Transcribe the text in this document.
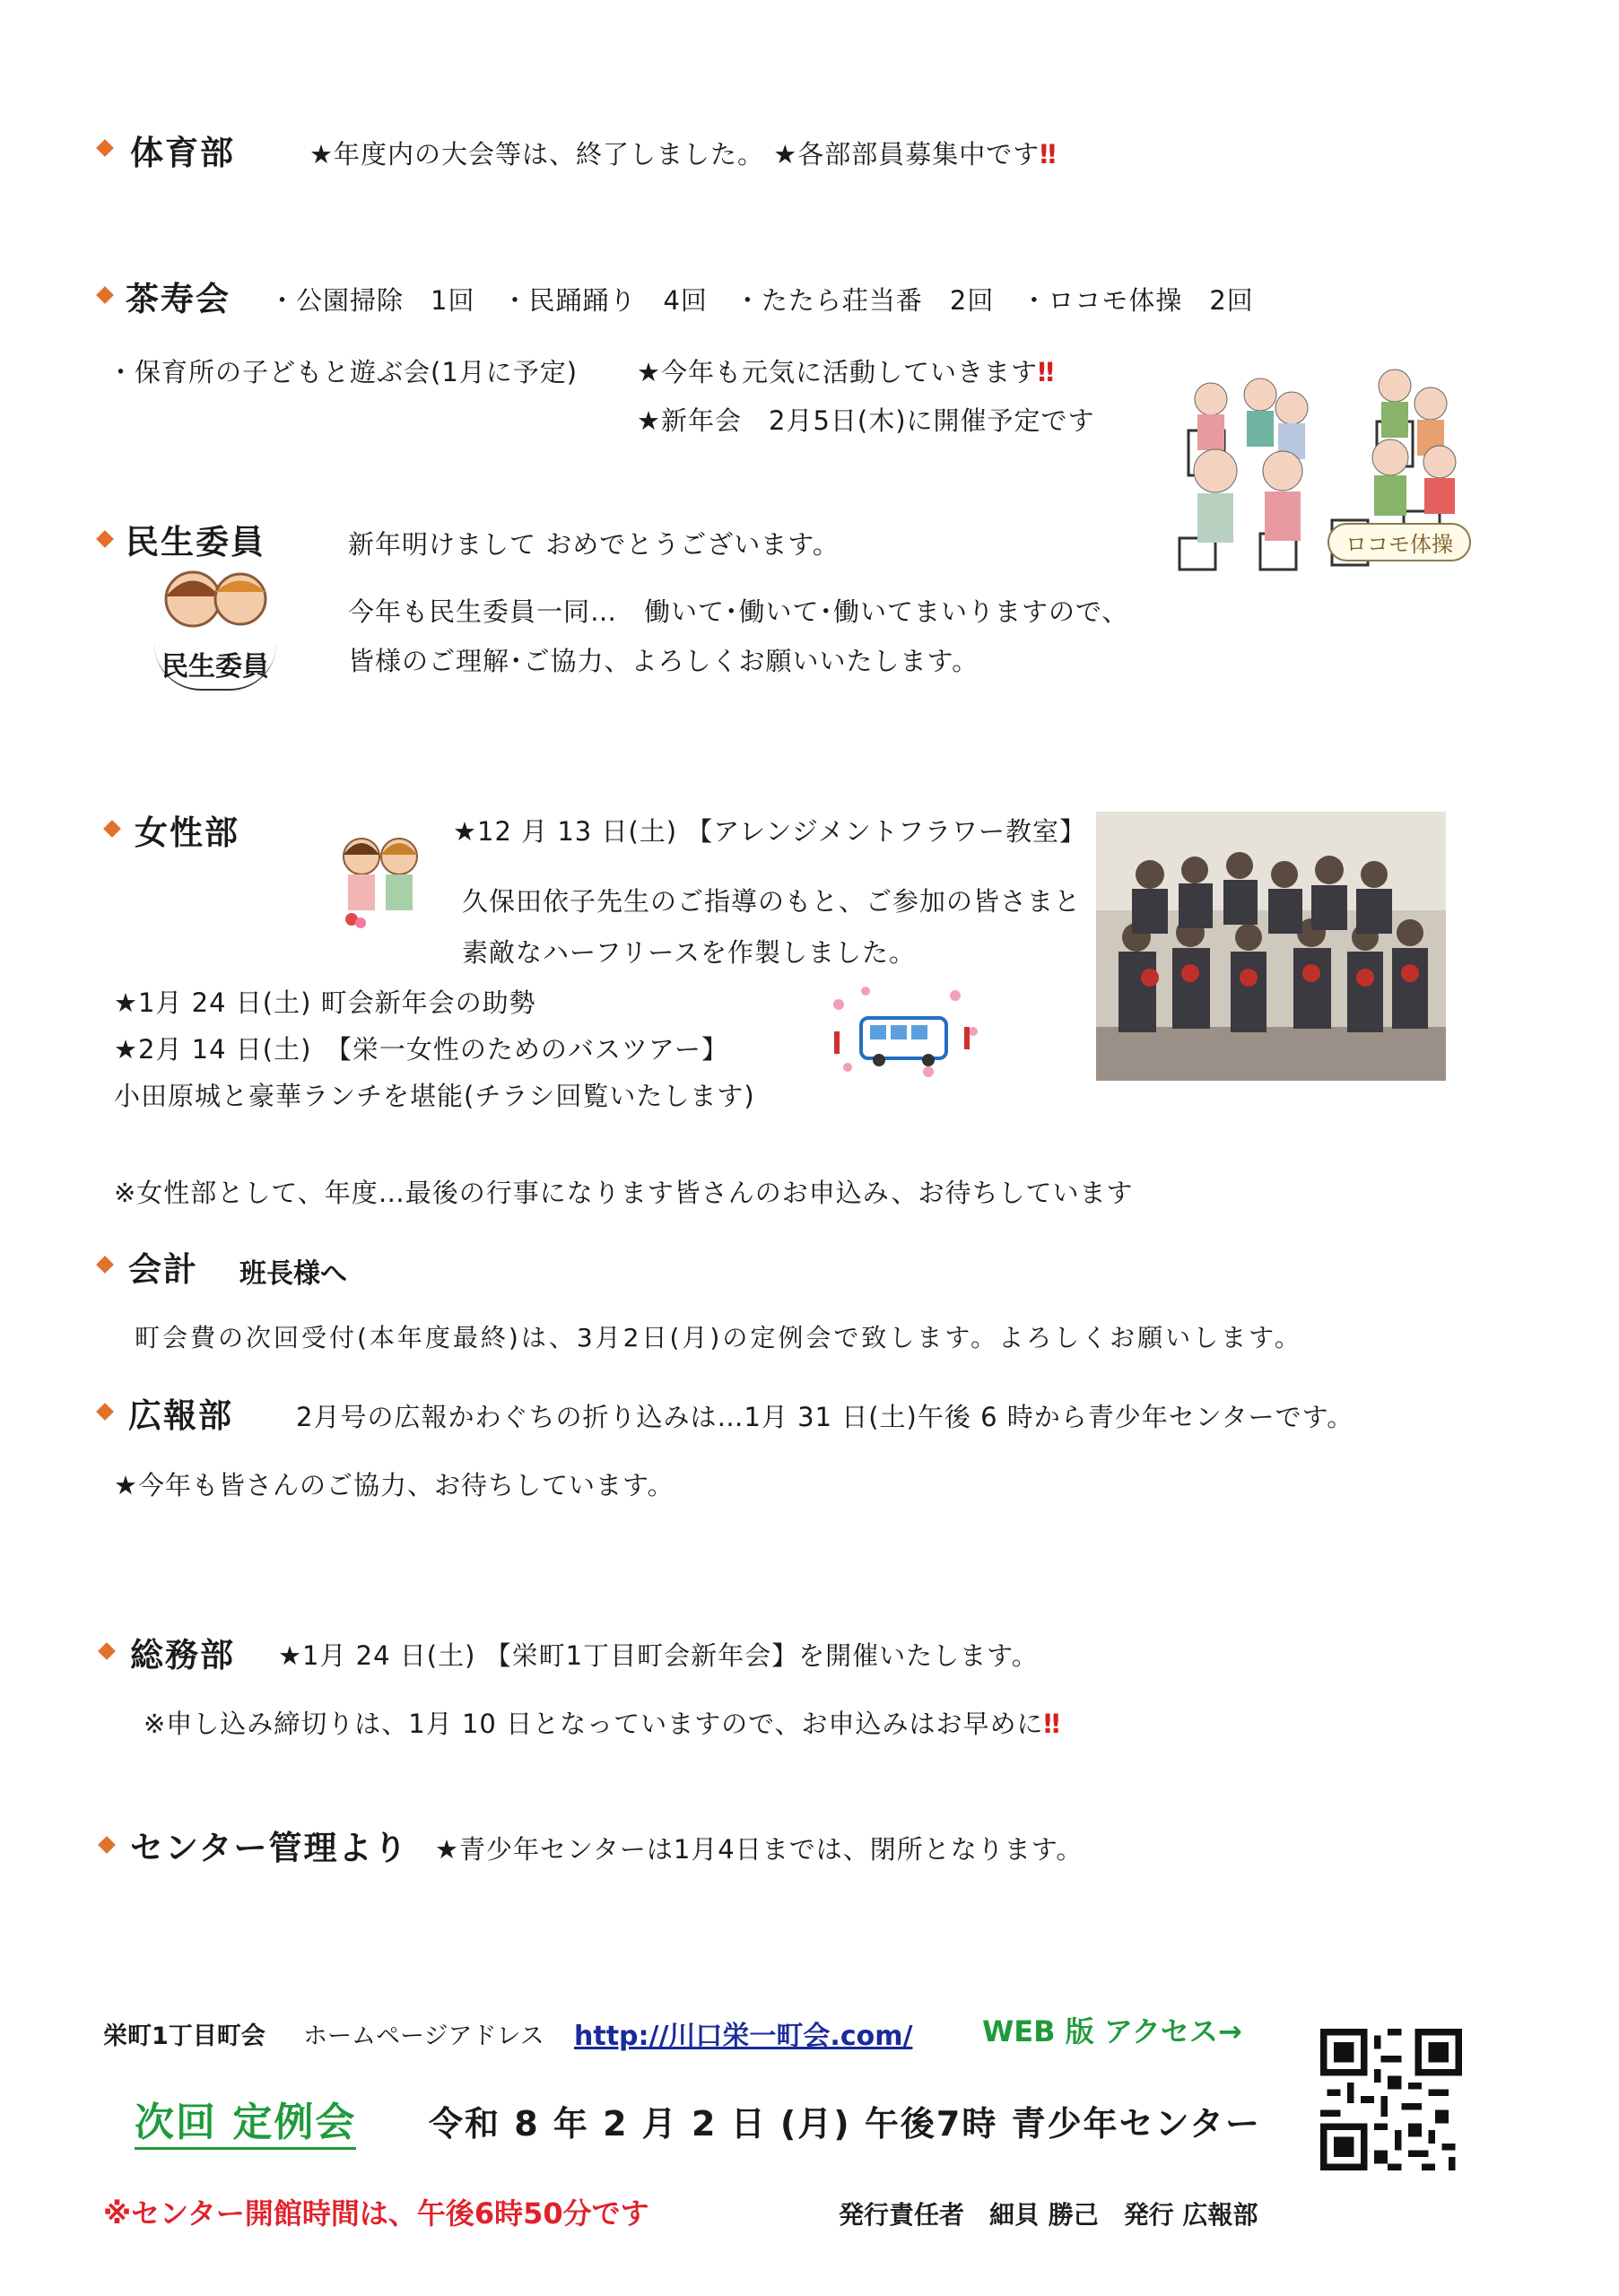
体育部	★年度内の大会等は、終了しました。 ★各部部員募集中です‼
茶寿会 ・公園掃除　1回　・民踊踊り　4回　・たたら荘当番　2回　・ロコモ体操　2回
・保育所の子どもと遊ぶ会(1月に予定) ★今年も元気に活動していきます‼
★新年会　2月5日(木)に開催予定です
ロコモ体操
民生委員
民生委員
新年明けまして おめでとうございます。
今年も民生委員一同…　働いて･働いて･働いてまいりますので、
皆様のご理解･ご協力、よろしくお願いいたします。
女性部	★12 月 13 日(土) 【アレンジメントフラワー教室】
久保田依子先生のご指導のもと、ご参加の皆さまと
素敵なハーフリースを作製しました。
★1月 24 日(土) 町会新年会の助勢
★2月 14 日(土)　【栄一女性のためのバスツアー】
小田原城と豪華ランチを堪能(チラシ回覧いたします)
※女性部として、年度…最後の行事になります皆さんのお申込み、お待ちしています
会計 班長様へ
町会費の次回受付(本年度最終)は、3月2日(月)の定例会で致します。よろしくお願いします。
広報部 2月号の広報かわぐちの折り込みは…1月 31 日(土)午後 6 時から青少年センターです。
★今年も皆さんのご協力、お待ちしています。
総務部 ★1月 24 日(土) 【栄町1丁目町会新年会】を開催いたします。
※申し込み締切りは、1月 10 日となっていますので、お申込みはお早めに‼
センター管理より ★青少年センターは1月4日までは、閉所となります。
栄町1丁目町会 ホームページアドレス http://川口栄一町会.com/ WEB 版 アクセス→
次回 定例会 令和 8 年 2 月 2 日 (月) 午後7時 青少年センター
※センター開館時間は、午後6時50分です	発行責任者　細貝 勝己　発行 広報部
